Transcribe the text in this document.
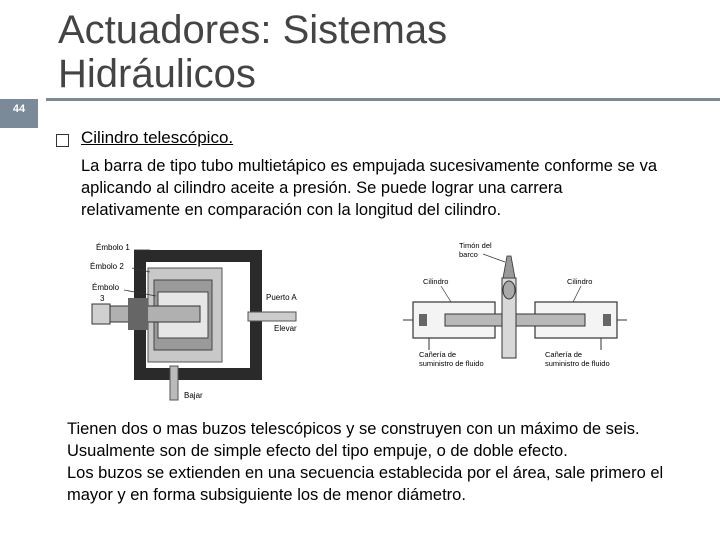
44
Actuadores: Sistemas Hidráulicos
Cilindro telescópico.
La barra de tipo tubo multietápico es empujada sucesivamente conforme se va aplicando al cilindro aceite a presión. Se puede lograr una carrera relativamente en comparación con la longitud del cilindro.
Émbolo 1
Émbolo 2
Émbolo
3	Puerto A
Elevar
Bajar
Timón del
barco
Cilindro	Cilindro
Cañería de
suministro de fluido
Cañería de
suministro de fluido
Tienen dos o mas buzos telescópicos y se construyen con un máximo de seis. Usualmente son de simple efecto del tipo empuje, o de doble efecto.
Los buzos se extienden en una secuencia establecida por el área, sale primero el mayor y en forma subsiguiente los de menor diámetro.
